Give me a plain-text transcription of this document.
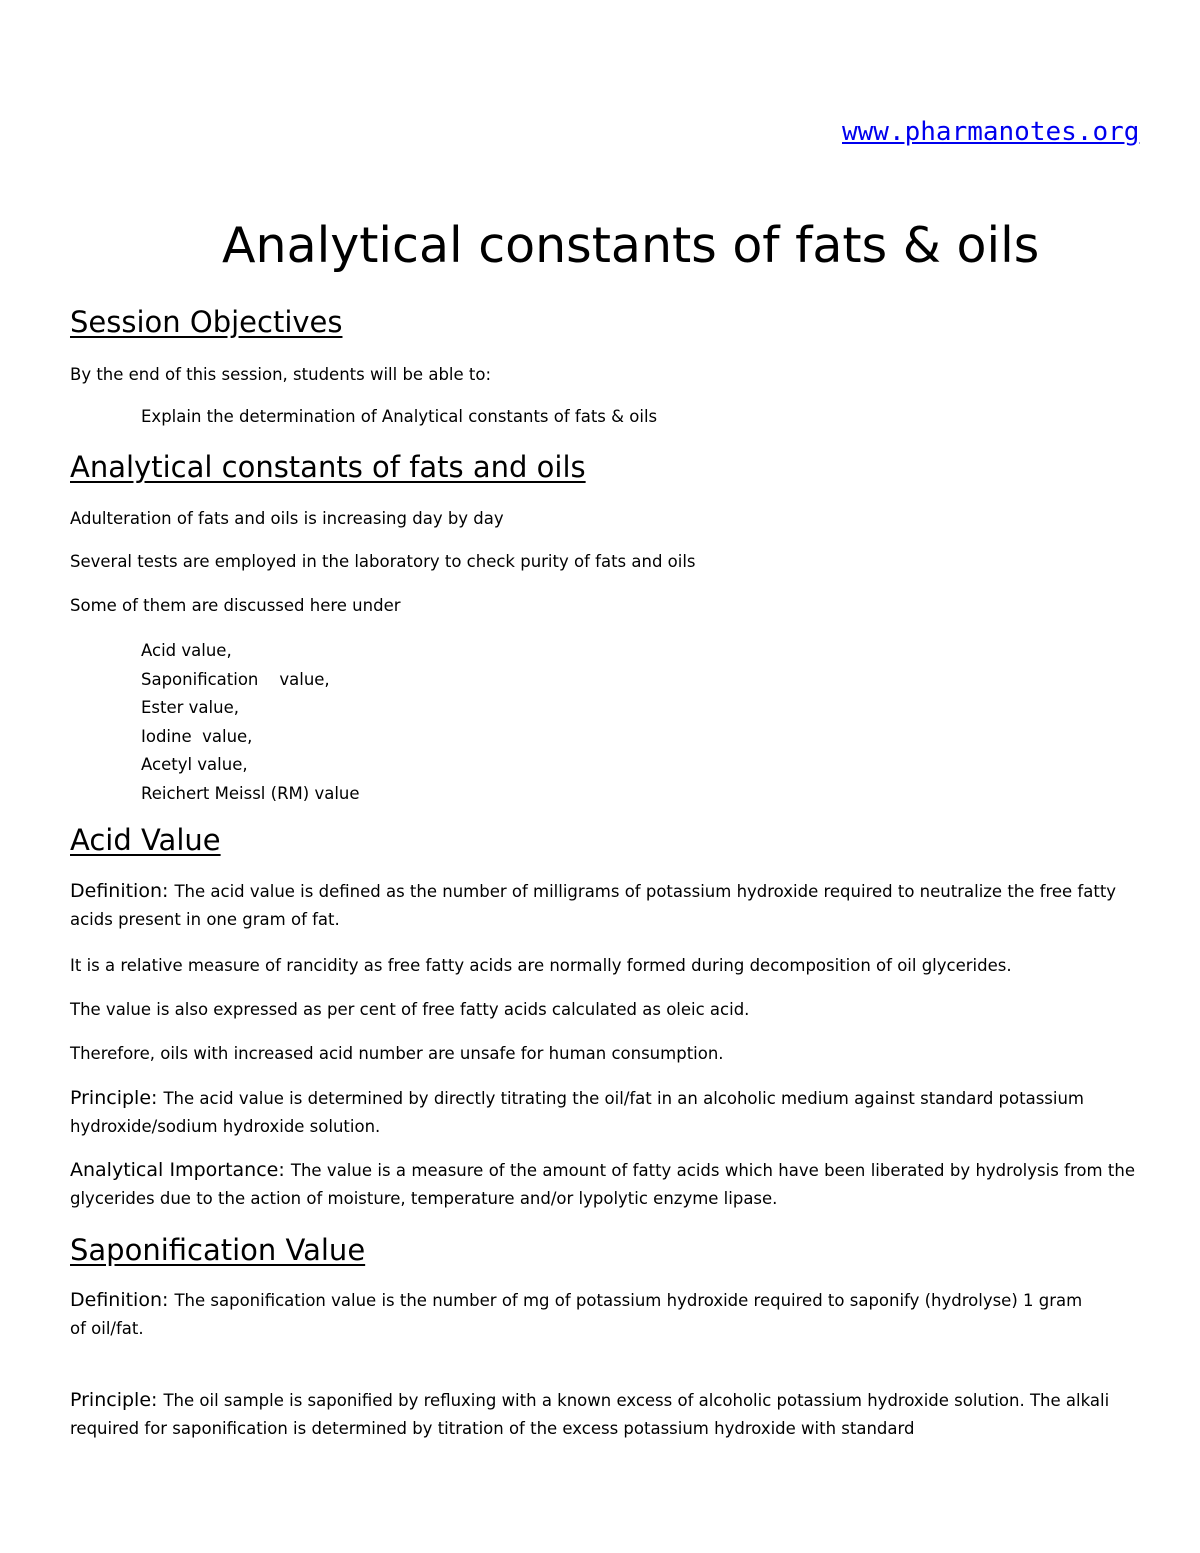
www.pharmanotes.org
Analytical constants of fats & oils
Session Objectives

By the end of this session, students will be able to:

Explain the determination of Analytical constants of fats & oils

Analytical constants of fats and oils

Adulteration of fats and oils is increasing day by day

Several tests are employed in the laboratory to check purity of fats and oils

Some of them are discussed here under

Acid value,
Saponification    value,
Ester value,
Iodine  value,
Acetyl value,
Reichert Meissl (RM) value
Acid Value

Definition: The acid value is defined as the number of milligrams of potassium hydroxide required to neutralize the free fatty acids present in one gram of fat.

It is a relative measure of rancidity as free fatty acids are normally formed during decomposition of oil glycerides.

The value is also expressed as per cent of free fatty acids calculated as oleic acid.

Therefore, oils with increased acid number are unsafe for human consumption.

Principle: The acid value is determined by directly titrating the oil/fat in an alcoholic medium against standard potassium hydroxide/sodium hydroxide solution.

Analytical Importance: The value is a measure of the amount of fatty acids which have been liberated by hydrolysis from the glycerides due to the action of moisture, temperature and/or lypolytic enzyme lipase.

Saponification Value

Definition: The saponification value is the number of mg of potassium hydroxide required to saponify (hydrolyse) 1 gram
of oil/fat.

Principle: The oil sample is saponified by refluxing with a known excess of alcoholic potassium hydroxide solution. The alkali required for saponification is determined by titration of the excess potassium hydroxide with standard
